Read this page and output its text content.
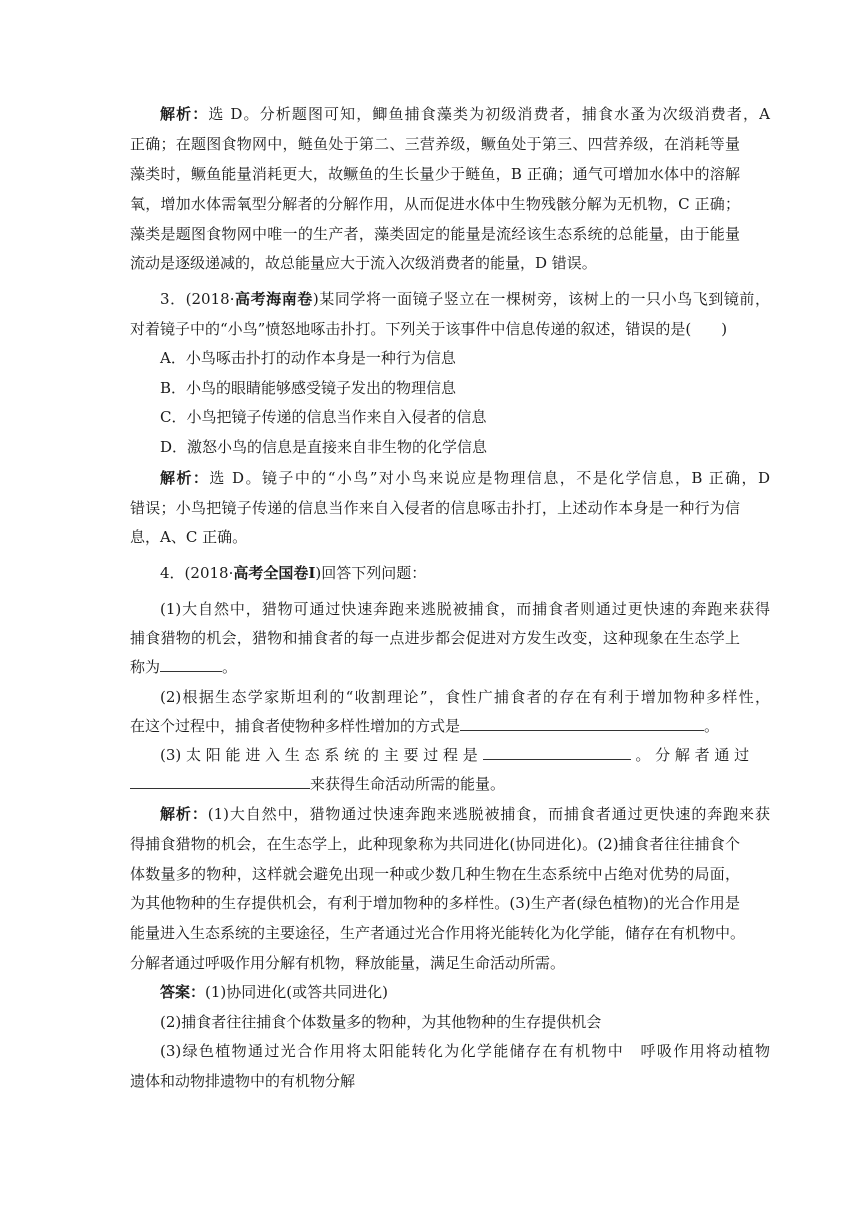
解析：选 D。分析题图可知，鲫鱼捕食藻类为初级消费者，捕食水蚤为次级消费者，A
正确；在题图食物网中，鲢鱼处于第二、三营养级，鳜鱼处于第三、四营养级，在消耗等量
藻类时，鳜鱼能量消耗更大，故鳜鱼的生长量少于鲢鱼，B 正确；通气可增加水体中的溶解
氧，增加水体需氧型分解者的分解作用，从而促进水体中生物残骸分解为无机物，C 正确；
藻类是题图食物网中唯一的生产者，藻类固定的能量是流经该生态系统的总能量，由于能量
流动是逐级递减的，故总能量应大于流入次级消费者的能量，D 错误。
3．(2018·高考海南卷)某同学将一面镜子竖立在一棵树旁，该树上的一只小鸟飞到镜前，
对着镜子中的“小鸟”愤怒地啄击扑打。下列关于该事件中信息传递的叙述，错误的是(　　)
A．小鸟啄击扑打的动作本身是一种行为信息
B．小鸟的眼睛能够感受镜子发出的物理信息
C．小鸟把镜子传递的信息当作来自入侵者的信息
D．激怒小鸟的信息是直接来自非生物的化学信息
解析：选 D。镜子中的“小鸟”对小鸟来说应是物理信息，不是化学信息，B 正确，D
错误；小鸟把镜子传递的信息当作来自入侵者的信息啄击扑打，上述动作本身是一种行为信
息，A、C 正确。
4．(2018·高考全国卷Ⅰ)回答下列问题：
(1)大自然中，猎物可通过快速奔跑来逃脱被捕食，而捕食者则通过更快速的奔跑来获得
捕食猎物的机会，猎物和捕食者的每一点进步都会促进对方发生改变，这种现象在生态学上
称为	。
(2)根据生态学家斯坦利的“收割理论”，食性广捕食者的存在有利于增加物种多样性，
在这个过程中，捕食者使物种多样性增加的方式是	。
(3) 太 阳 能 进 入 生 态 系 统 的 主 要 过 程 是	。 分 解 者 通 过
来获得生命活动所需的能量。
解析：(1)大自然中，猎物通过快速奔跑来逃脱被捕食，而捕食者通过更快速的奔跑来获
得捕食猎物的机会，在生态学上，此种现象称为共同进化(协同进化)。(2)捕食者往往捕食个
体数量多的物种，这样就会避免出现一种或少数几种生物在生态系统中占绝对优势的局面，
为其他物种的生存提供机会，有利于增加物种的多样性。(3)生产者(绿色植物)的光合作用是
能量进入生态系统的主要途径，生产者通过光合作用将光能转化为化学能，储存在有机物中。
分解者通过呼吸作用分解有机物，释放能量，满足生命活动所需。
答案：(1)协同进化(或答共同进化)
(2)捕食者往往捕食个体数量多的物种，为其他物种的生存提供机会
(3)绿色植物通过光合作用将太阳能转化为化学能储存在有机物中　呼吸作用将动植物
遗体和动物排遗物中的有机物分解
